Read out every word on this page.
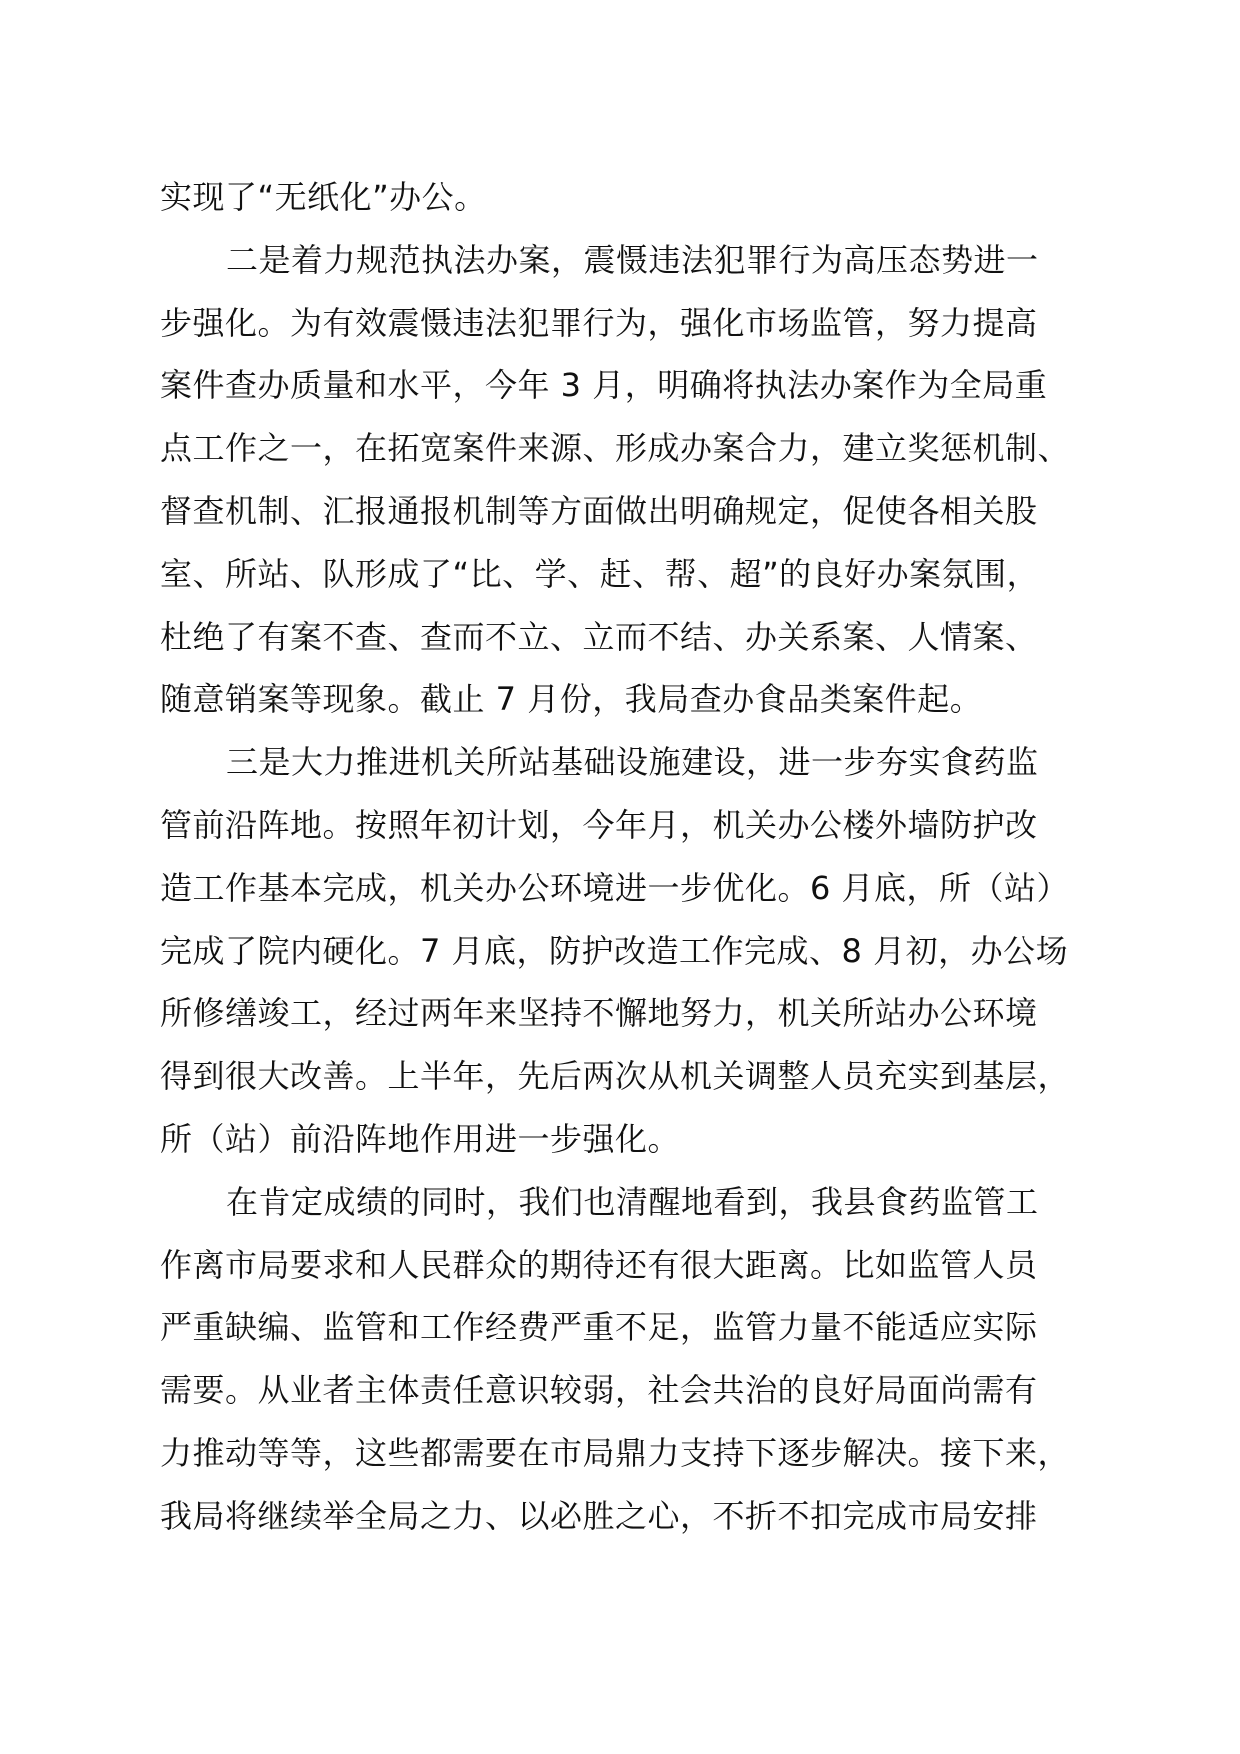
实现了“无纸化”办公。
二是着力规范执法办案，震慑违法犯罪行为高压态势进一
步强化。为有效震慑违法犯罪行为，强化市场监管，努力提高
案件查办质量和水平，今年 3 月，明确将执法办案作为全局重
点工作之一，在拓宽案件来源、形成办案合力，建立奖惩机制、
督查机制、汇报通报机制等方面做出明确规定，促使各相关股
室、所站、队形成了“比、学、赶、帮、超”的良好办案氛围，
杜绝了有案不查、查而不立、立而不结、办关系案、人情案、
随意销案等现象。截止 7 月份，我局查办食品类案件起。
三是大力推进机关所站基础设施建设，进一步夯实食药监
管前沿阵地。按照年初计划，今年月，机关办公楼外墙防护改
造工作基本完成，机关办公环境进一步优化。6 月底，所（站）
完成了院内硬化。7 月底，防护改造工作完成、8 月初，办公场
所修缮竣工，经过两年来坚持不懈地努力，机关所站办公环境
得到很大改善。上半年，先后两次从机关调整人员充实到基层，
所（站）前沿阵地作用进一步强化。
在肯定成绩的同时，我们也清醒地看到，我县食药监管工
作离市局要求和人民群众的期待还有很大距离。比如监管人员
严重缺编、监管和工作经费严重不足，监管力量不能适应实际
需要。从业者主体责任意识较弱，社会共治的良好局面尚需有
力推动等等，这些都需要在市局鼎力支持下逐步解决。接下来，
我局将继续举全局之力、以必胜之心，不折不扣完成市局安排
